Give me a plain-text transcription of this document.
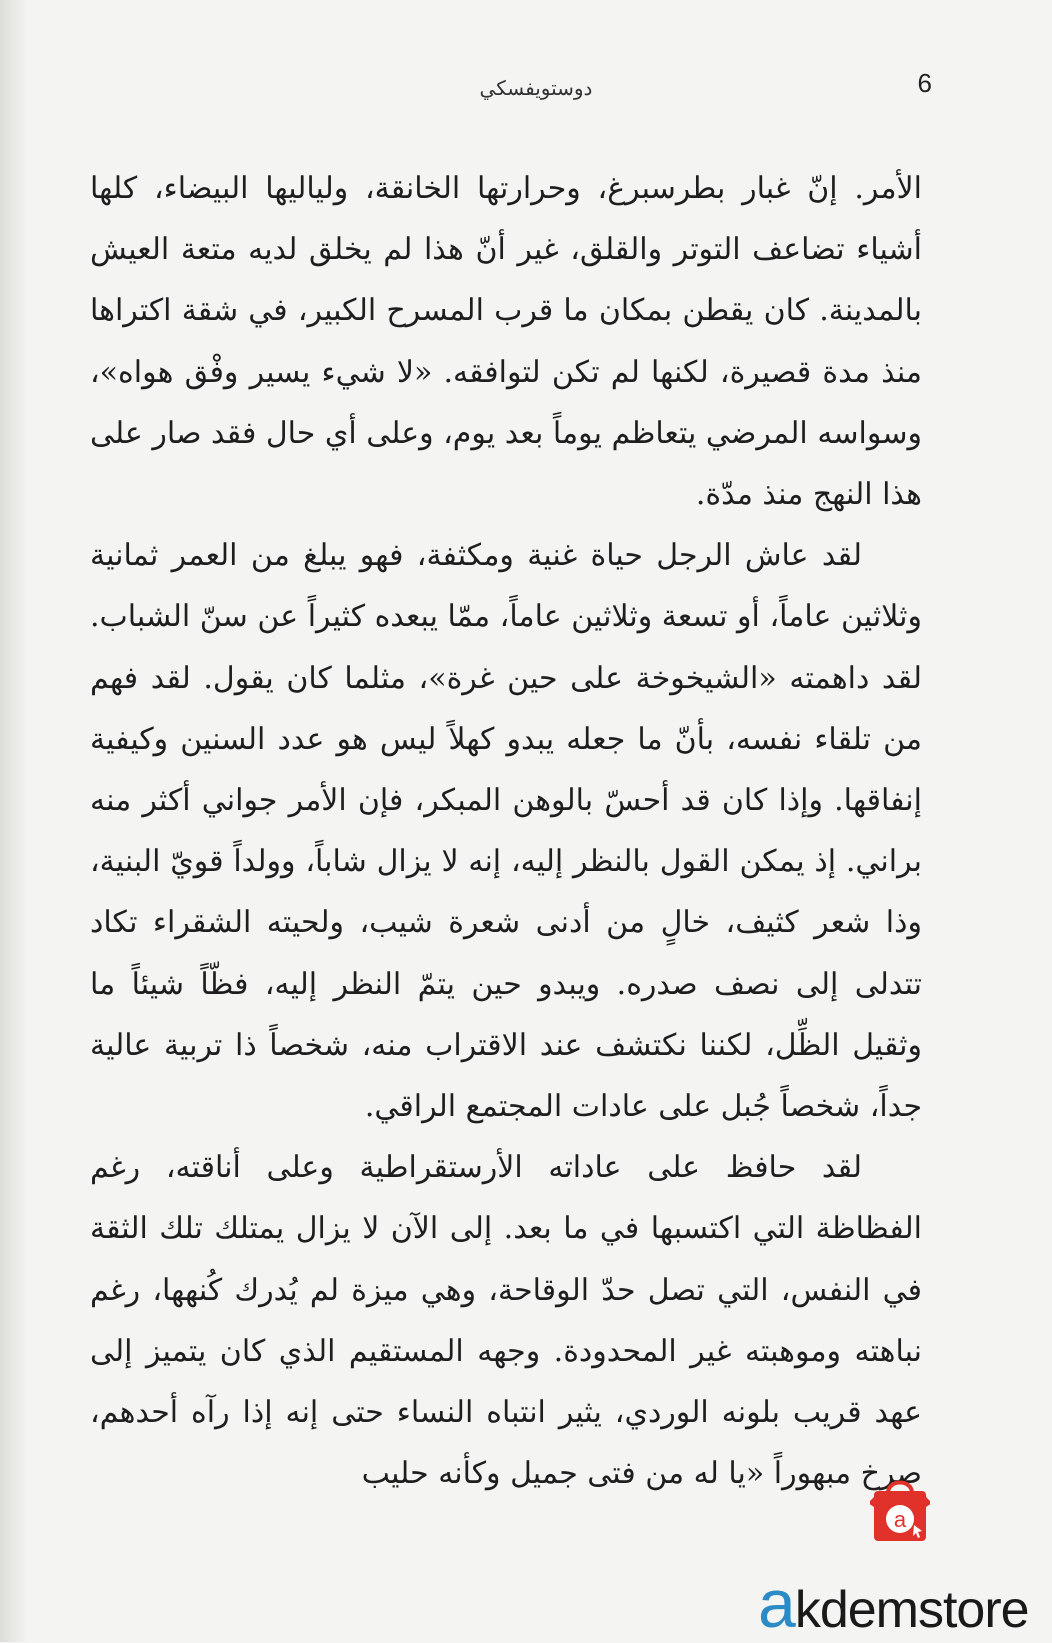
6
دوستويفسكي

الأمر. إنّ غبار بطرسبرغ، وحرارتها الخانقة، ولياليها البيضاء، كلها أشياء تضاعف التوتر والقلق، غير أنّ هذا لم يخلق لديه متعة العيش بالمدينة. كان يقطن بمكان ما قرب المسرح الكبير، في شقة اكتراها منذ مدة قصيرة، لكنها لم تكن لتوافقه. «لا شيء يسير وفْق هواه»، وسواسه المرضي يتعاظم يوماً بعد يوم، وعلى أي حال فقد صار على هذا النهج منذ مدّة.

لقد عاش الرجل حياة غنية ومكثفة، فهو يبلغ من العمر ثمانية وثلاثين عاماً، أو تسعة وثلاثين عاماً، ممّا يبعده كثيراً عن سنّ الشباب. لقد داهمته «الشيخوخة على حين غرة»، مثلما كان يقول. لقد فهم من تلقاء نفسه، بأنّ ما جعله يبدو كهلاً ليس هو عدد السنين وكيفية إنفاقها. وإذا كان قد أحسّ بالوهن المبكر، فإن الأمر جواني أكثر منه براني. إذ يمكن القول بالنظر إليه، إنه لا يزال شاباً، وولداً قويّ البنية، وذا شعر كثيف، خالٍ من أدنى شعرة شيب، ولحيته الشقراء تكاد تتدلى إلى نصف صدره. ويبدو حين يتمّ النظر إليه، فظّاً شيئاً ما وثقيل الظِّل، لكننا نكتشف عند الاقتراب منه، شخصاً ذا تربية عالية جداً، شخصاً جُبل على عادات المجتمع الراقي.

لقد حافظ على عاداته الأرستقراطية وعلى أناقته، رغم الفظاظة التي اكتسبها في ما بعد. إلى الآن لا يزال يمتلك تلك الثقة في النفس، التي تصل حدّ الوقاحة، وهي ميزة لم يُدرك كُنهها، رغم نباهته وموهبته غير المحدودة. وجهه المستقيم الذي كان يتميز إلى عهد قريب بلونه الوردي، يثير انتباه النساء حتى إنه إذا رآه أحدهم، صرخ مبهوراً «يا له من فتى جميل وكأنه حليب

a
akdemstore
